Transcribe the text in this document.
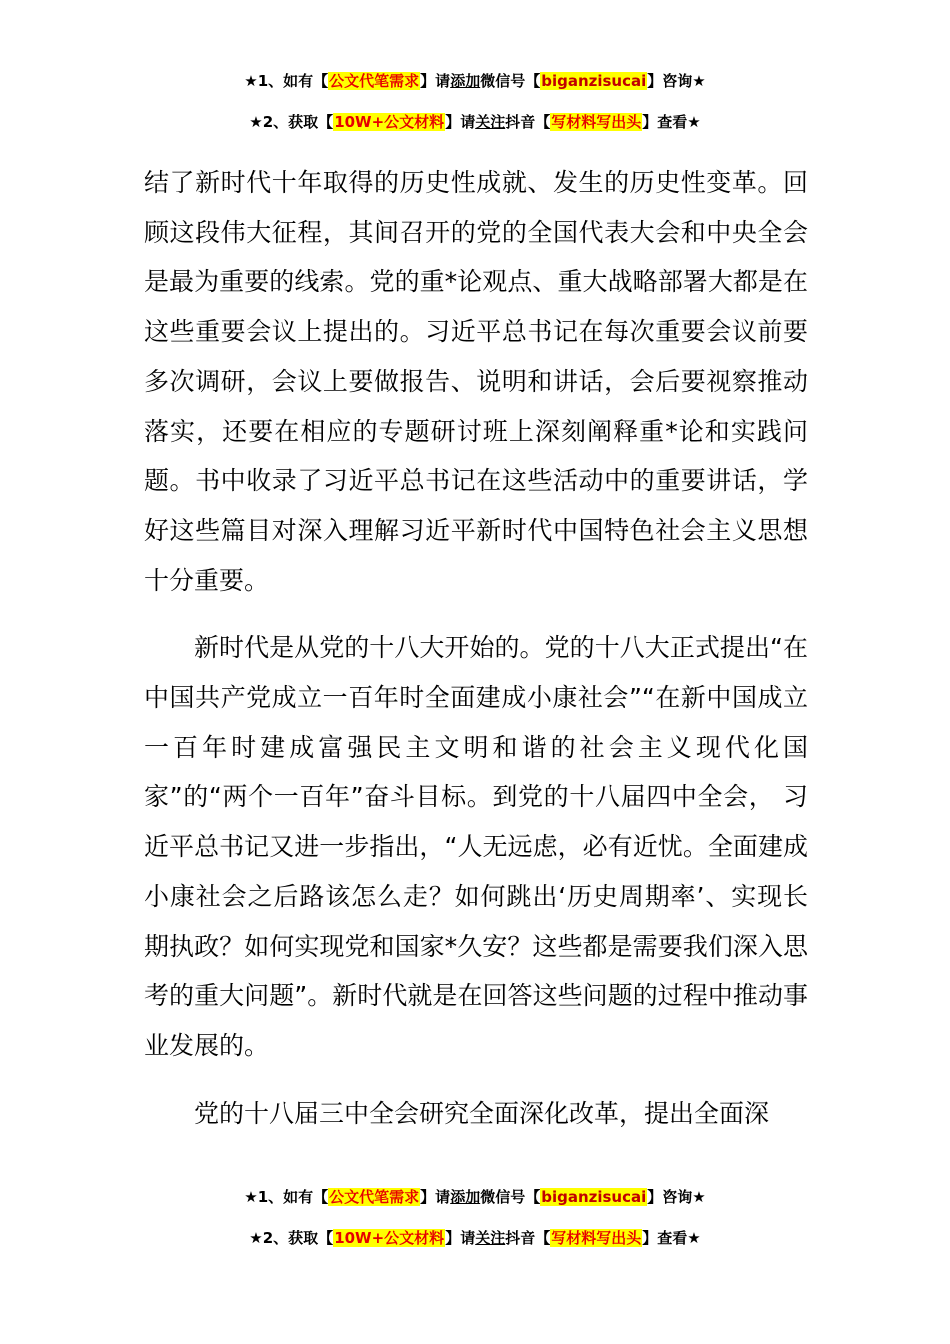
★1、如有【公文代笔需求】请添加微信号【biganzisucai】咨询★
★2、获取【10W+公文材料】请关注抖音【写材料写出头】查看★

结了新时代十年取得的历史性成就、发生的历史性变革。回顾这段伟大征程，其间召开的党的全国代表大会和中央全会是最为重要的线索。党的重*论观点、重大战略部署大都是在这些重要会议上提出的。习近平总书记在每次重要会议前要多次调研，会议上要做报告、说明和讲话，会后要视察推动落实，还要在相应的专题研讨班上深刻阐释重*论和实践问题。书中收录了习近平总书记在这些活动中的重要讲话，学好这些篇目对深入理解习近平新时代中国特色社会主义思想十分重要。

新时代是从党的十八大开始的。党的十八大正式提出“在中国共产党成立一百年时全面建成小康社会”“在新中国成立一百年时建成富强民主文明和谐的社会主义现代化国家”的“两个一百年”奋斗目标。到党的十八届四中全会， 习近平总书记又进一步指出，“人无远虑，必有近忧。全面建成小康社会之后路该怎么走？如何跳出‘历史周期率’、实现长期执政？如何实现党和国家*久安？这些都是需要我们深入思考的重大问题”。新时代就是在回答这些问题的过程中推动事业发展的。

党的十八届三中全会研究全面深化改革，提出全面深

★1、如有【公文代笔需求】请添加微信号【biganzisucai】咨询★
★2、获取【10W+公文材料】请关注抖音【写材料写出头】查看★
